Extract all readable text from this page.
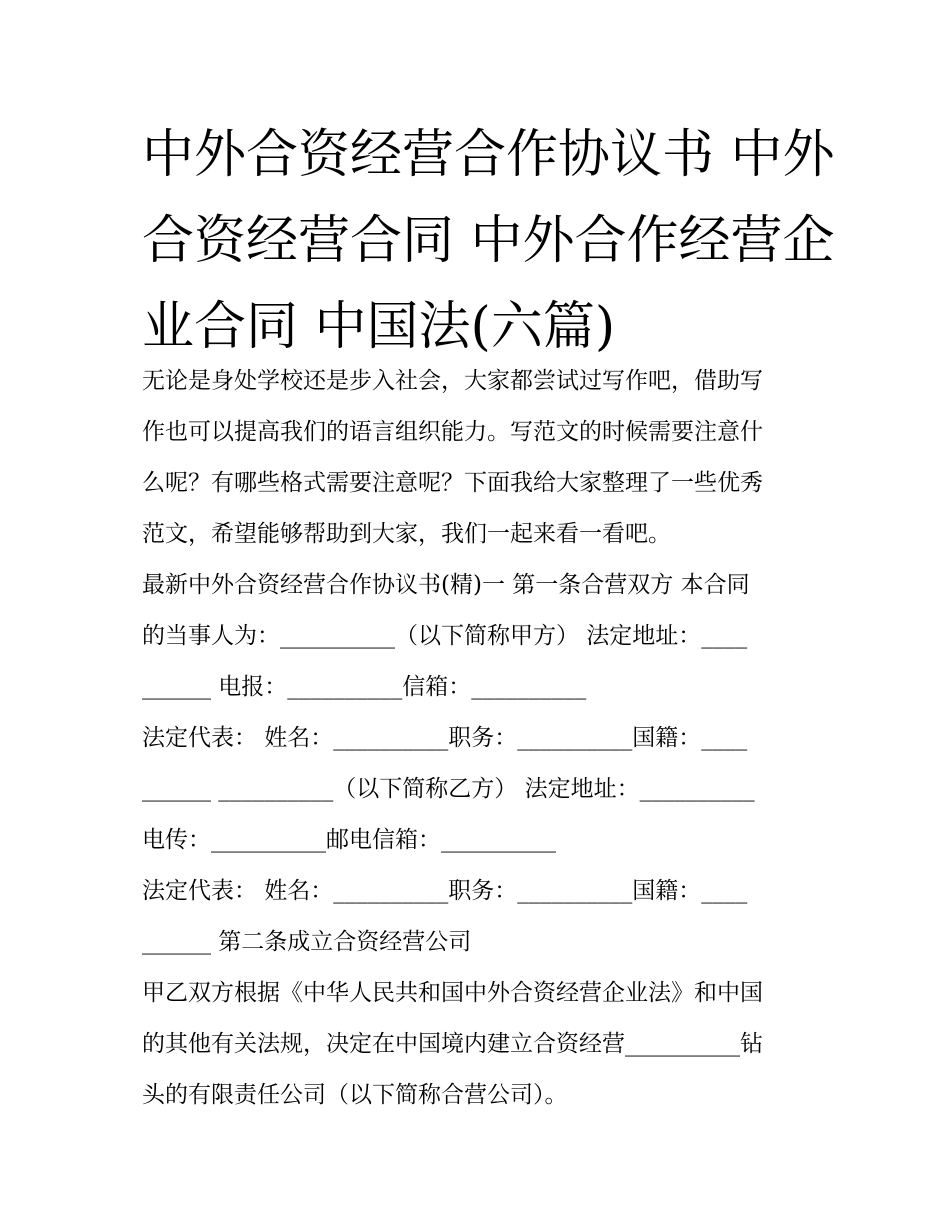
中外合资经营合作协议书 中外
合资经营合同 中外合作经营企
业合同 中国法(六篇)
无论是身处学校还是步入社会，大家都尝试过写作吧，借助写
作也可以提高我们的语言组织能力。写范文的时候需要注意什
么呢？有哪些格式需要注意呢？下面我给大家整理了一些优秀
范文，希望能够帮助到大家，我们一起来看一看吧。
最新中外合资经营合作协议书(精)一 第一条合营双方 本合同
的当事人为：__________（以下简称甲方） 法定地址：____
______ 电报：__________信箱：__________
法定代表： 姓名：__________职务：__________国籍：____
______ __________（以下简称乙方） 法定地址：__________
电传：__________邮电信箱：__________
法定代表： 姓名：__________职务：__________国籍：____
______ 第二条成立合资经营公司
甲乙双方根据《中华人民共和国中外合资经营企业法》和中国
的其他有关法规，决定在中国境内建立合资经营__________钻
头的有限责任公司（以下简称合营公司）。
